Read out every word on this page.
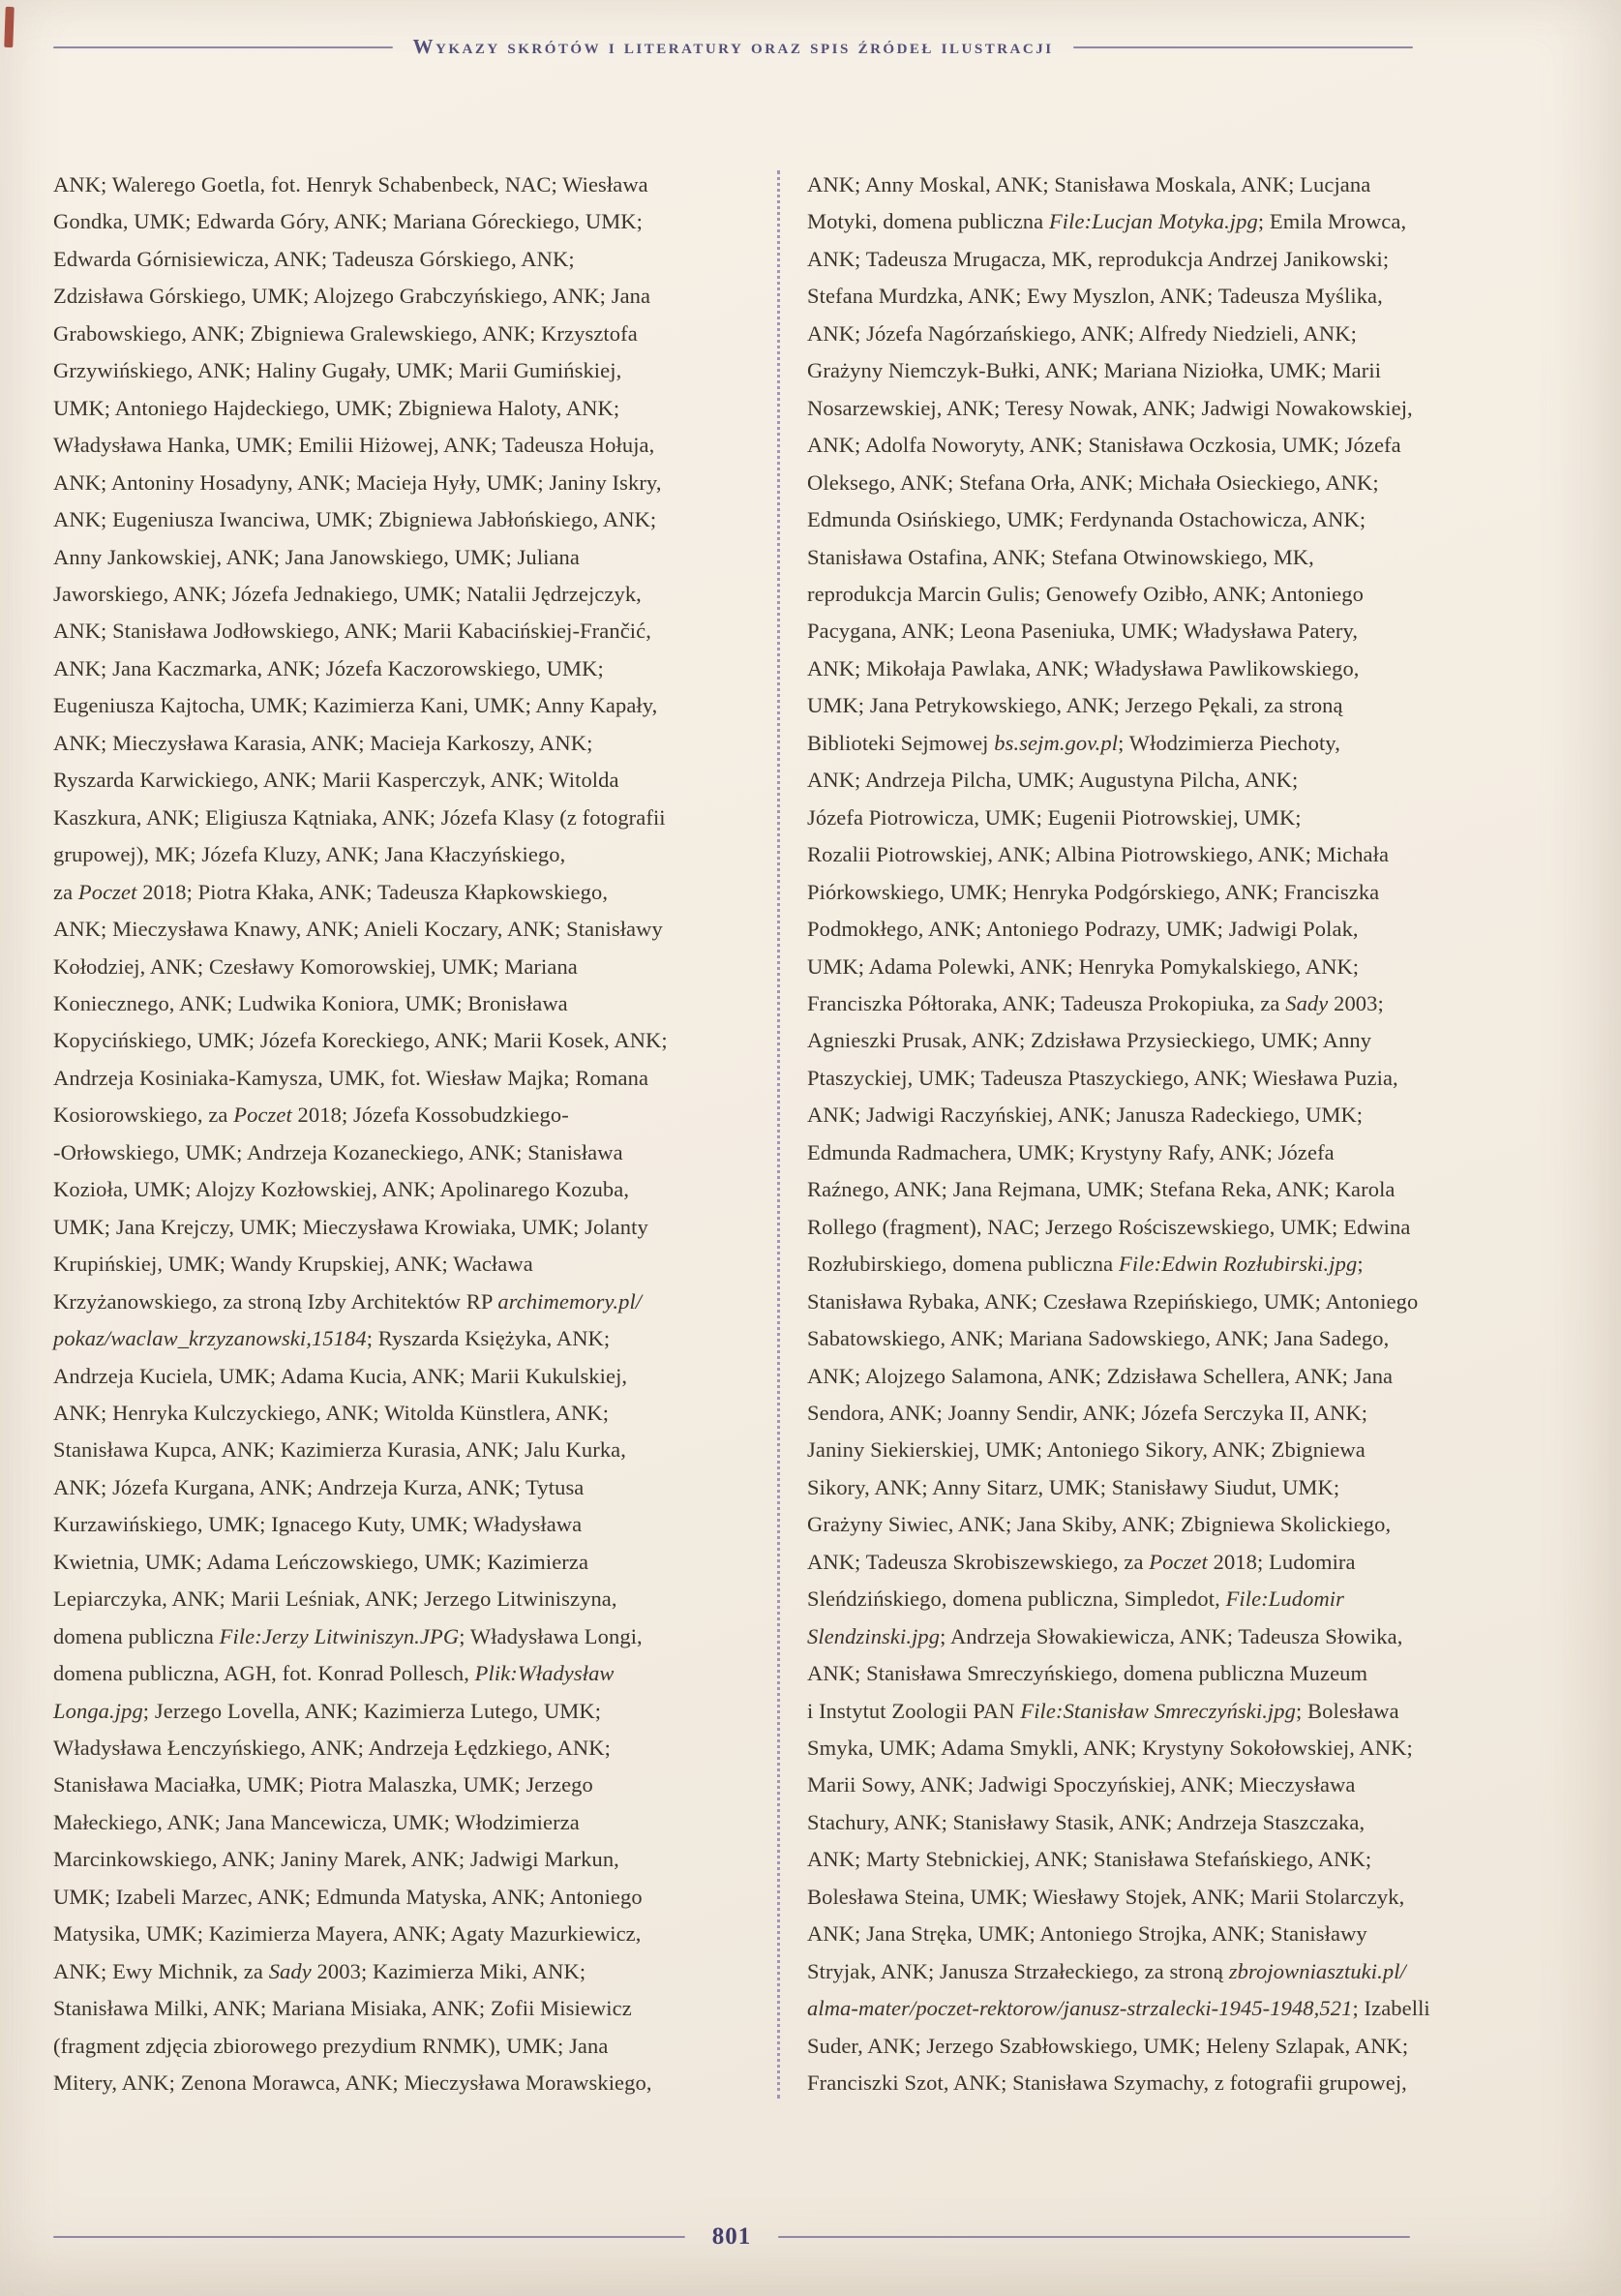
Wykazy skrótów i literatury oraz spis źródeł ilustracji
ANK; Walerego Goetla, fot. Henryk Schabenbeck, NAC; Wiesława
Gondka, UMK; Edwarda Góry, ANK; Mariana Góreckiego, UMK;
Edwarda Górnisiewicza, ANK; Tadeusza Górskiego, ANK;
Zdzisława Górskiego, UMK; Alojzego Grabczyńskiego, ANK; Jana
Grabowskiego, ANK; Zbigniewa Gralewskiego, ANK; Krzysztofa
Grzywińskiego, ANK; Haliny Gugały, UMK; Marii Gumińskiej,
UMK; Antoniego Hajdeckiego, UMK; Zbigniewa Haloty, ANK;
Władysława Hanka, UMK; Emilii Hiżowej, ANK; Tadeusza Hołuja,
ANK; Antoniny Hosadyny, ANK; Macieja Hyły, UMK; Janiny Iskry,
ANK; Eugeniusza Iwanciwa, UMK; Zbigniewa Jabłońskiego, ANK;
Anny Jankowskiej, ANK; Jana Janowskiego, UMK; Juliana
Jaworskiego, ANK; Józefa Jednakiego, UMK; Natalii Jędrzejczyk,
ANK; Stanisława Jodłowskiego, ANK; Marii Kabacińskiej-Frančić,
ANK; Jana Kaczmarka, ANK; Józefa Kaczorowskiego, UMK;
Eugeniusza Kajtocha, UMK; Kazimierza Kani, UMK; Anny Kapały,
ANK; Mieczysława Karasia, ANK; Macieja Karkoszy, ANK;
Ryszarda Karwickiego, ANK; Marii Kasperczyk, ANK; Witolda
Kaszkura, ANK; Eligiusza Kątniaka, ANK; Józefa Klasy (z fotografii
grupowej), MK; Józefa Kluzy, ANK; Jana Kłaczyńskiego,
za Poczet 2018; Piotra Kłaka, ANK; Tadeusza Kłapkowskiego,
ANK; Mieczysława Knawy, ANK; Anieli Koczary, ANK; Stanisławy
Kołodziej, ANK; Czesławy Komorowskiej, UMK; Mariana
Koniecznego, ANK; Ludwika Koniora, UMK; Bronisława
Kopycińskiego, UMK; Józefa Koreckiego, ANK; Marii Kosek, ANK;
Andrzeja Kosiniaka-Kamysza, UMK, fot. Wiesław Majka; Romana
Kosiorowskiego, za Poczet 2018; Józefa Kossobudzkiego-
-Orłowskiego, UMK; Andrzeja Kozaneckiego, ANK; Stanisława
Kozioła, UMK; Alojzy Kozłowskiej, ANK; Apolinarego Kozuba,
UMK; Jana Krejczy, UMK; Mieczysława Krowiaka, UMK; Jolanty
Krupińskiej, UMK; Wandy Krupskiej, ANK; Wacława
Krzyżanowskiego, za stroną Izby Architektów RP archimemory.pl/
pokaz/waclaw_krzyzanowski,15184; Ryszarda Księżyka, ANK;
Andrzeja Kuciela, UMK; Adama Kucia, ANK; Marii Kukulskiej,
ANK; Henryka Kulczyckiego, ANK; Witolda Künstlera, ANK;
Stanisława Kupca, ANK; Kazimierza Kurasia, ANK; Jalu Kurka,
ANK; Józefa Kurgana, ANK; Andrzeja Kurza, ANK; Tytusa
Kurzawińskiego, UMK; Ignacego Kuty, UMK; Władysława
Kwietnia, UMK; Adama Leńczowskiego, UMK; Kazimierza
Lepiarczyka, ANK; Marii Leśniak, ANK; Jerzego Litwiniszyna,
domena publiczna File:Jerzy Litwiniszyn.JPG; Władysława Longi,
domena publiczna, AGH, fot. Konrad Pollesch, Plik:Władysław
Longa.jpg; Jerzego Lovella, ANK; Kazimierza Lutego, UMK;
Władysława Łenczyńskiego, ANK; Andrzeja Łędzkiego, ANK;
Stanisława Maciałka, UMK; Piotra Malaszka, UMK; Jerzego
Małeckiego, ANK; Jana Mancewicza, UMK; Włodzimierza
Marcinkowskiego, ANK; Janiny Marek, ANK; Jadwigi Markun,
UMK; Izabeli Marzec, ANK; Edmunda Matyska, ANK; Antoniego
Matysika, UMK; Kazimierza Mayera, ANK; Agaty Mazurkiewicz,
ANK; Ewy Michnik, za Sady 2003; Kazimierza Miki, ANK;
Stanisława Milki, ANK; Mariana Misiaka, ANK; Zofii Misiewicz
(fragment zdjęcia zbiorowego prezydium RNMK), UMK; Jana
Mitery, ANK; Zenona Morawca, ANK; Mieczysława Morawskiego,
ANK; Anny Moskal, ANK; Stanisława Moskala, ANK; Lucjana
Motyki, domena publiczna File:Lucjan Motyka.jpg; Emila Mrowca,
ANK; Tadeusza Mrugacza, MK, reprodukcja Andrzej Janikowski;
Stefana Murdzka, ANK; Ewy Myszlon, ANK; Tadeusza Myślika,
ANK; Józefa Nagórzańskiego, ANK; Alfredy Niedzieli, ANK;
Grażyny Niemczyk-Bułki, ANK; Mariana Niziołka, UMK; Marii
Nosarzewskiej, ANK; Teresy Nowak, ANK; Jadwigi Nowakowskiej,
ANK; Adolfa Noworyty, ANK; Stanisława Oczkosia, UMK; Józefa
Oleksego, ANK; Stefana Orła, ANK; Michała Osieckiego, ANK;
Edmunda Osińskiego, UMK; Ferdynanda Ostachowicza, ANK;
Stanisława Ostafina, ANK; Stefana Otwinowskiego, MK,
reprodukcja Marcin Gulis; Genowefy Ozibło, ANK; Antoniego
Pacygana, ANK; Leona Paseniuka, UMK; Władysława Patery,
ANK; Mikołaja Pawlaka, ANK; Władysława Pawlikowskiego,
UMK; Jana Petrykowskiego, ANK; Jerzego Pękali, za stroną
Biblioteki Sejmowej bs.sejm.gov.pl; Włodzimierza Piechoty,
ANK; Andrzeja Pilcha, UMK; Augustyna Pilcha, ANK;
Józefa Piotrowicza, UMK; Eugenii Piotrowskiej, UMK;
Rozalii Piotrowskiej, ANK; Albina Piotrowskiego, ANK; Michała
Piórkowskiego, UMK; Henryka Podgórskiego, ANK; Franciszka
Podmokłego, ANK; Antoniego Podrazy, UMK; Jadwigi Polak,
UMK; Adama Polewki, ANK; Henryka Pomykalskiego, ANK;
Franciszka Półtoraka, ANK; Tadeusza Prokopiuka, za Sady 2003;
Agnieszki Prusak, ANK; Zdzisława Przysieckiego, UMK; Anny
Ptaszyckiej, UMK; Tadeusza Ptaszyckiego, ANK; Wiesława Puzia,
ANK; Jadwigi Raczyńskiej, ANK; Janusza Radeckiego, UMK;
Edmunda Radmachera, UMK; Krystyny Rafy, ANK; Józefa
Raźnego, ANK; Jana Rejmana, UMK; Stefana Reka, ANK; Karola
Rollego (fragment), NAC; Jerzego Rościszewskiego, UMK; Edwina
Rozłubirskiego, domena publiczna File:Edwin Rozłubirski.jpg;
Stanisława Rybaka, ANK; Czesława Rzepińskiego, UMK; Antoniego
Sabatowskiego, ANK; Mariana Sadowskiego, ANK; Jana Sadego,
ANK; Alojzego Salamona, ANK; Zdzisława Schellera, ANK; Jana
Sendora, ANK; Joanny Sendir, ANK; Józefa Serczyka II, ANK;
Janiny Siekierskiej, UMK; Antoniego Sikory, ANK; Zbigniewa
Sikory, ANK; Anny Sitarz, UMK; Stanisławy Siudut, UMK;
Grażyny Siwiec, ANK; Jana Skiby, ANK; Zbigniewa Skolickiego,
ANK; Tadeusza Skrobiszewskiego, za Poczet 2018; Ludomira
Sleńdzińskiego, domena publiczna, Simpledot, File:Ludomir
Slendzinski.jpg; Andrzeja Słowakiewicza, ANK; Tadeusza Słowika,
ANK; Stanisława Smreczyńskiego, domena publiczna Muzeum
i Instytut Zoologii PAN File:Stanisław Smreczyński.jpg; Bolesława
Smyka, UMK; Adama Smykli, ANK; Krystyny Sokołowskiej, ANK;
Marii Sowy, ANK; Jadwigi Spoczyńskiej, ANK; Mieczysława
Stachury, ANK; Stanisławy Stasik, ANK; Andrzeja Staszczaka,
ANK; Marty Stebnickiej, ANK; Stanisława Stefańskiego, ANK;
Bolesława Steina, UMK; Wiesławy Stojek, ANK; Marii Stolarczyk,
ANK; Jana Stręka, UMK; Antoniego Strojka, ANK; Stanisławy
Stryjak, ANK; Janusza Strzałeckiego, za stroną zbrojowniasztuki.pl/
alma-mater/poczet-rektorow/janusz-strzalecki-1945-1948,521; Izabelli
Suder, ANK; Jerzego Szabłowskiego, UMK; Heleny Szlapak, ANK;
Franciszki Szot, ANK; Stanisława Szymachy, z fotografii grupowej,
801
